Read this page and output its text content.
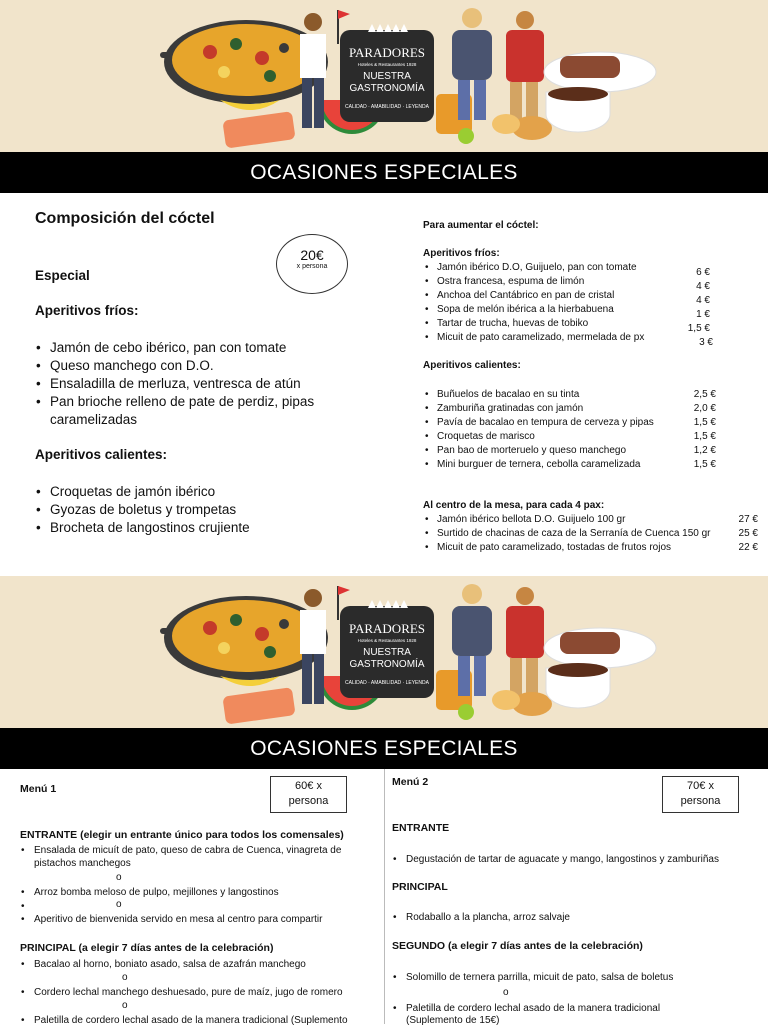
PARADORES
Hoteles & Restaurantes 1928
NUESTRA
GASTRONOMÍA
CALIDAD · AMABILIDAD · LEYENDA
OCASIONES ESPECIALES
Composición del cóctel
20€
x persona
Especial
Aperitivos fríos:
• Jamón de cebo ibérico, pan con tomate
• Queso manchego con D.O.
• Ensaladilla de merluza, ventresca de atún
• Pan brioche relleno de pate de perdiz, pipas caramelizadas
Aperitivos calientes:
• Croquetas de jamón ibérico
• Gyozas de boletus y trompetas
• Brocheta de langostinos crujiente
Para aumentar el cóctel:
Aperitivos fríos:
• Jamón ibérico D.O, Guijuelo, pan con tomate
• Ostra francesa, espuma de limón
• Anchoa del Cantábrico en pan de cristal
• Sopa de melón ibérica a la hierbabuena
• Tartar de trucha, huevas de tobiko
• Micuit de pato caramelizado, mermelada de px
6 €
4 €
4 €
1 €
1,5 €
3 €
Aperitivos calientes:
• Buñuelos de bacalao en su tinta
• Zamburiña gratinadas con jamón
• Pavía de bacalao en tempura de cerveza y pipas
• Croquetas de marisco
• Pan bao de morteruelo y queso manchego
• Mini burguer de ternera, cebolla caramelizada
2,5 €
2,0 €
1,5 €
1,5 €
1,2 €
1,5 €
Al centro de la mesa, para cada 4 pax:
• Jamón ibérico bellota D.O. Guijuelo 100 gr
• Surtido de chacinas de caza de la Serranía de Cuenca 150 gr
• Micuit de pato caramelizado, tostadas de frutos rojos
27 €
25 €
22 €
PARADORES
Hoteles & Restaurantes 1928
NUESTRA
GASTRONOMÍA
CALIDAD · AMABILIDAD · LEYENDA
OCASIONES ESPECIALES
Menú 1	60€ x
persona
ENTRANTE (elegir un entrante único para todos los comensales)
• Ensalada de micuít de pato, queso de cabra de Cuenca, vinagreta de pistachos manchegos
o
• Arroz bomba meloso de pulpo, mejillones y langostinos
o
• Aperitivo de bienvenida servido en mesa al centro para compartir
PRINCIPAL (a elegir 7 días antes de la celebración)
• Bacalao al horno, boniato asado, salsa de azafrán manchego
o
• Cordero lechal manchego deshuesado, pure de maíz, jugo de romero
o
• Paletilla de cordero lechal asado de la manera tradicional (Suplemento
Menú 2	70€ x
persona
ENTRANTE
• Degustación de tartar de aguacate y mango, langostinos y zamburiñas
PRINCIPAL
• Rodaballo a la plancha, arroz salvaje
SEGUNDO (a elegir 7 días antes de la celebración)
• Solomillo de ternera parrilla, micuit de pato, salsa de boletus
o
• Paletilla de cordero lechal asado de la manera tradicional
(Suplemento de 15€)
